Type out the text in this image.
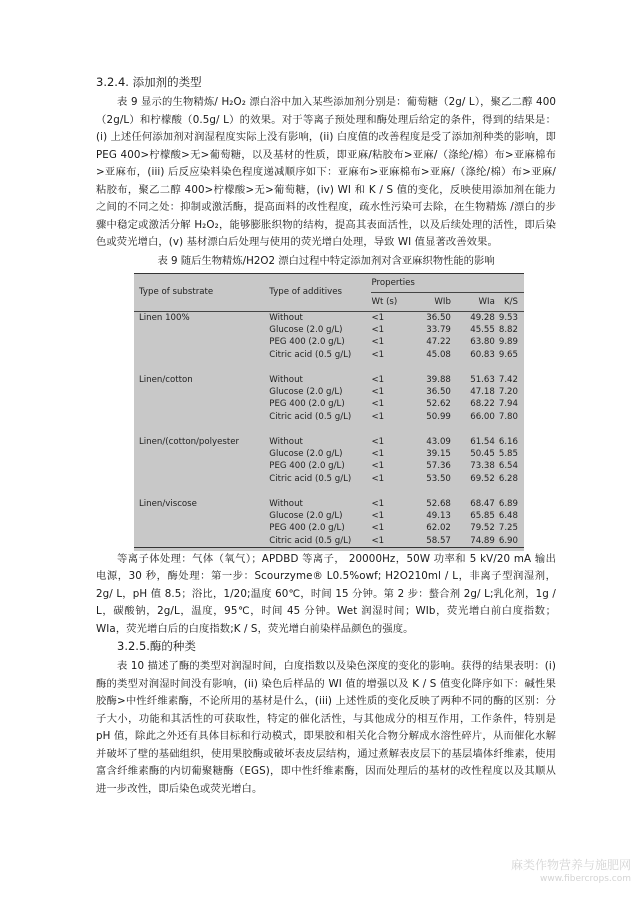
3.2.4. 添加剂的类型

表 9 显示的生物精炼/ H₂O₂ 漂白浴中加入某些添加剂分别是：葡萄糖（2g/ L），聚乙二醇 400（2g/L）和柠檬酸（0.5g/ L）的效果。对于等离子预处理和酶处理后给定的条件，得到的结果是：(i) 上述任何添加剂对润湿程度实际上没有影响，(ii) 白度值的改善程度是受了添加剂种类的影响，即 PEG 400>柠檬酸>无>葡萄糖，以及基材的性质，即亚麻/粘胶布>亚麻/（涤纶/棉）布>亚麻棉布>亚麻布，(iii) 后反应染料染色程度递减顺序如下：亚麻布>亚麻棉布>亚麻/（涤纶/棉）布>亚麻/粘胶布，聚乙二醇 400>柠檬酸>无>葡萄糖，(iv) WI 和 K / S 值的变化，反映使用添加剂在能力之间的不同之处：抑制或激活酶，提高面料的改性程度，疏水性污染可去除，在生物精炼 /漂白的步骤中稳定或激活分解 H₂O₂，能够膨胀织物的结构，提高其表面活性，以及后续处理的活性，即后染色或荧光增白，(v) 基材漂白后处理与使用的荧光增白处理，导致 WI 值显著改善效果。

表 9 随后生物精炼/H2O2 漂白过程中特定添加剂对含亚麻织物性能的影响
Type of substrate	Type of additives	Properties			
		Wt (s)	WIb	WIa	K/S
Linen 100%	Without	<1	36.50	49.28	9.53
	Glucose (2.0 g/L)	<1	33.79	45.55	8.82
	PEG 400 (2.0 g/L)	<1	47.22	63.80	9.89
	Citric acid (0.5 g/L)	<1	45.08	60.83	9.65

Linen/cotton	Without	<1	39.88	51.63	7.42
	Glucose (2.0 g/L)	<1	36.50	47.18	7.20
	PEG 400 (2.0 g/L)	<1	52.62	68.22	7.94
	Citric acid (0.5 g/L)	<1	50.99	66.00	7.80

Linen/(cotton/polyester	Without	<1	43.09	61.54	6.16
	Glucose (2.0 g/L)	<1	39.15	50.45	5.85
	PEG 400 (2.0 g/L)	<1	57.36	73.38	6.54
	Citric acid (0.5 g/L)	<1	53.50	69.52	6.28

Linen/viscose	Without	<1	52.68	68.47	6.89
	Glucose (2.0 g/L)	<1	49.13	65.85	6.48
	PEG 400 (2.0 g/L)	<1	62.02	79.52	7.25
	Citric acid (0.5 g/L)	<1	58.57	74.89	6.90

等离子体处理：气体（氧气）；APDBD 等离子， 20000Hz，50W 功率和 5 kV/20 mA 输出电源，30 秒，酶处理：第一步：Scourzyme® L0.5%owf; H2O210ml / L，非离子型润湿剂，2g/ L，pH 值 8.5；浴比，1/20;温度 60℃，时间 15 分钟。第 2 步：螯合剂 2g/ L;乳化剂，1g / L，碳酸钠，2g/L，温度，95℃，时间 45 分钟。Wet 润湿时间；WIb，荧光增白前白度指数；WIa，荧光增白后的白度指数;K / S，荧光增白前染样品颜色的强度。

3.2.5.酶的种类

表 10 描述了酶的类型对润湿时间，白度指数以及染色深度的变化的影响。获得的结果表明：(i) 酶的类型对润湿时间没有影响，(ii) 染色后样品的 WI 值的增强以及 K / S 值变化降序如下：碱性果胶酶>中性纤维素酶，不论所用的基材是什么，(iii) 上述性质的变化反映了两种不同的酶的区别：分子大小，功能和其活性的可获取性，特定的催化活性，与其他成分的相互作用，工作条件，特别是 pH 值，除此之外还有具体目标和行动模式，即果胶和相关化合物分解成水溶性碎片，从而催化水解并破坏了壁的基础组织，使用果胶酶或破坏表皮层结构，通过煮解表皮层下的基层墙体纤维素，使用富含纤维素酶的内切葡聚糖酶（EGS)，即中性纤维素酶，因而处理后的基材的改性程度以及其顺从进一步改性，即后染色或荧光增白。

麻类作物营养与施肥网
www.fibercrops.com
